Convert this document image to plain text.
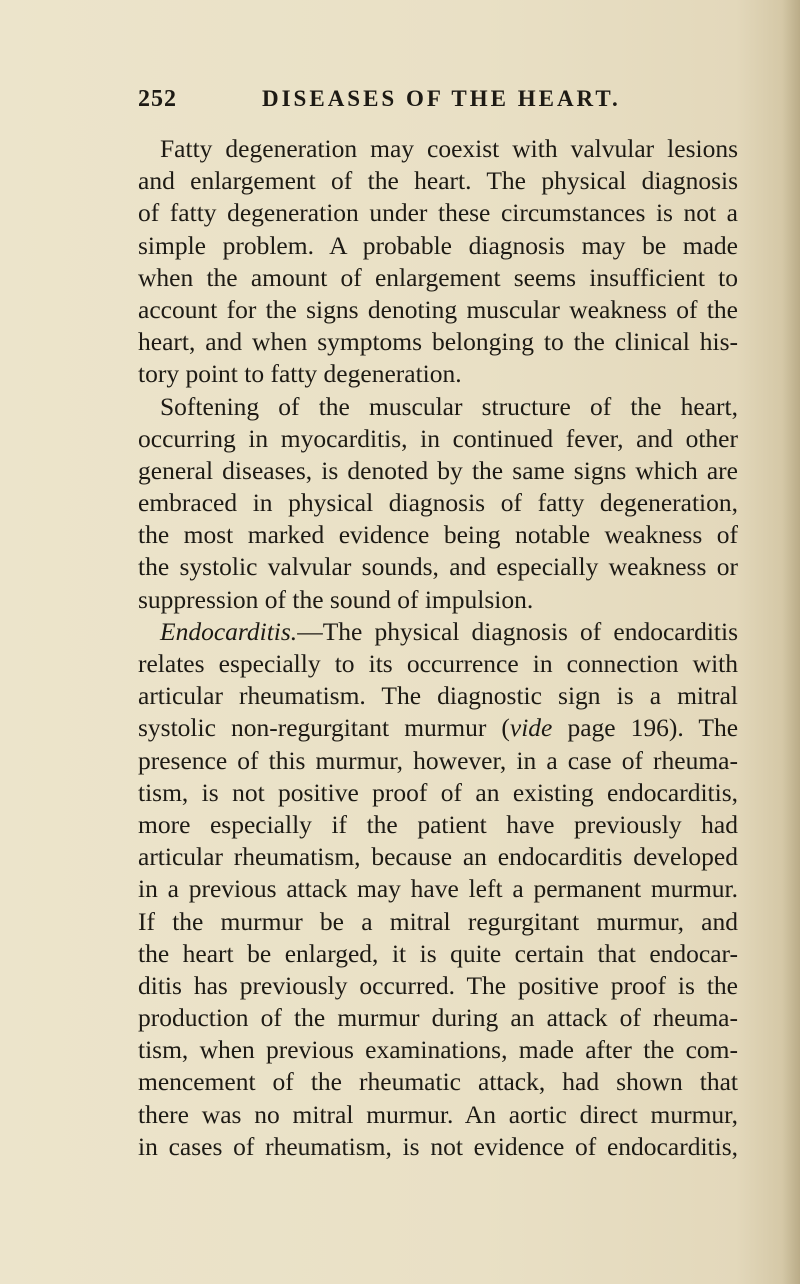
252	DISEASES OF THE HEART.
Fatty degeneration may coexist with valvular lesions
and enlargement of the heart. The physical diagnosis
of fatty degeneration under these circumstances is not a
simple problem. A probable diagnosis may be made
when the amount of enlargement seems insufficient to
account for the signs denoting muscular weakness of the
heart, and when symptoms belonging to the clinical his-
tory point to fatty degeneration.
Softening of the muscular structure of the heart,
occurring in myocarditis, in continued fever, and other
general diseases, is denoted by the same signs which are
embraced in physical diagnosis of fatty degeneration,
the most marked evidence being notable weakness of
the systolic valvular sounds, and especially weakness or
suppression of the sound of impulsion.
Endocarditis.—The physical diagnosis of endocarditis
relates especially to its occurrence in connection with
articular rheumatism. The diagnostic sign is a mitral
systolic non-regurgitant murmur (vide page 196). The
presence of this murmur, however, in a case of rheuma-
tism, is not positive proof of an existing endocarditis,
more especially if the patient have previously had
articular rheumatism, because an endocarditis developed
in a previous attack may have left a permanent murmur.
If the murmur be a mitral regurgitant murmur, and
the heart be enlarged, it is quite certain that endocar-
ditis has previously occurred. The positive proof is the
production of the murmur during an attack of rheuma-
tism, when previous examinations, made after the com-
mencement of the rheumatic attack, had shown that
there was no mitral murmur. An aortic direct murmur,
in cases of rheumatism, is not evidence of endocarditis,
